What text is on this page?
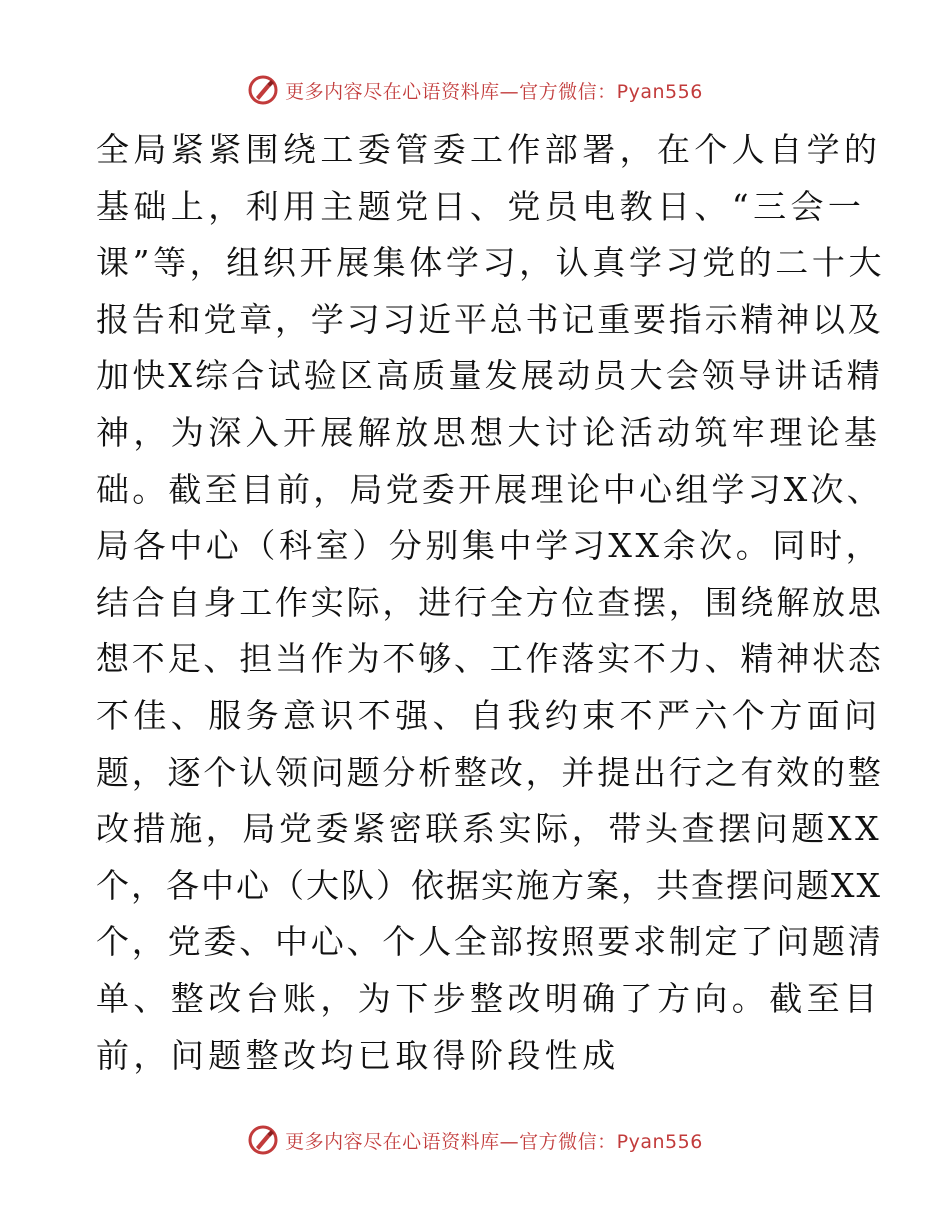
更多内容尽在心语资料库—官方微信：Pyan556
全局紧紧围绕工委管委工作部署，在个人自学的
基础上，利用主题党日、党员电教日、“三会一
课”等，组织开展集体学习，认真学习党的二十大
报告和党章，学习习近平总书记重要指示精神以及
加快X综合试验区高质量发展动员大会领导讲话精
神，为深入开展解放思想大讨论活动筑牢理论基
础。截至目前，局党委开展理论中心组学习X次、
局各中心（科室）分别集中学习XX余次。同时，
结合自身工作实际，进行全方位查摆，围绕解放思
想不足、担当作为不够、工作落实不力、精神状态
不佳、服务意识不强、自我约束不严六个方面问
题，逐个认领问题分析整改，并提出行之有效的整
改措施，局党委紧密联系实际，带头查摆问题XX
个，各中心（大队）依据实施方案，共查摆问题XX
个，党委、中心、个人全部按照要求制定了问题清
单、整改台账，为下步整改明确了方向。截至目
前，问题整改均已取得阶段性成
更多内容尽在心语资料库—官方微信：Pyan556
